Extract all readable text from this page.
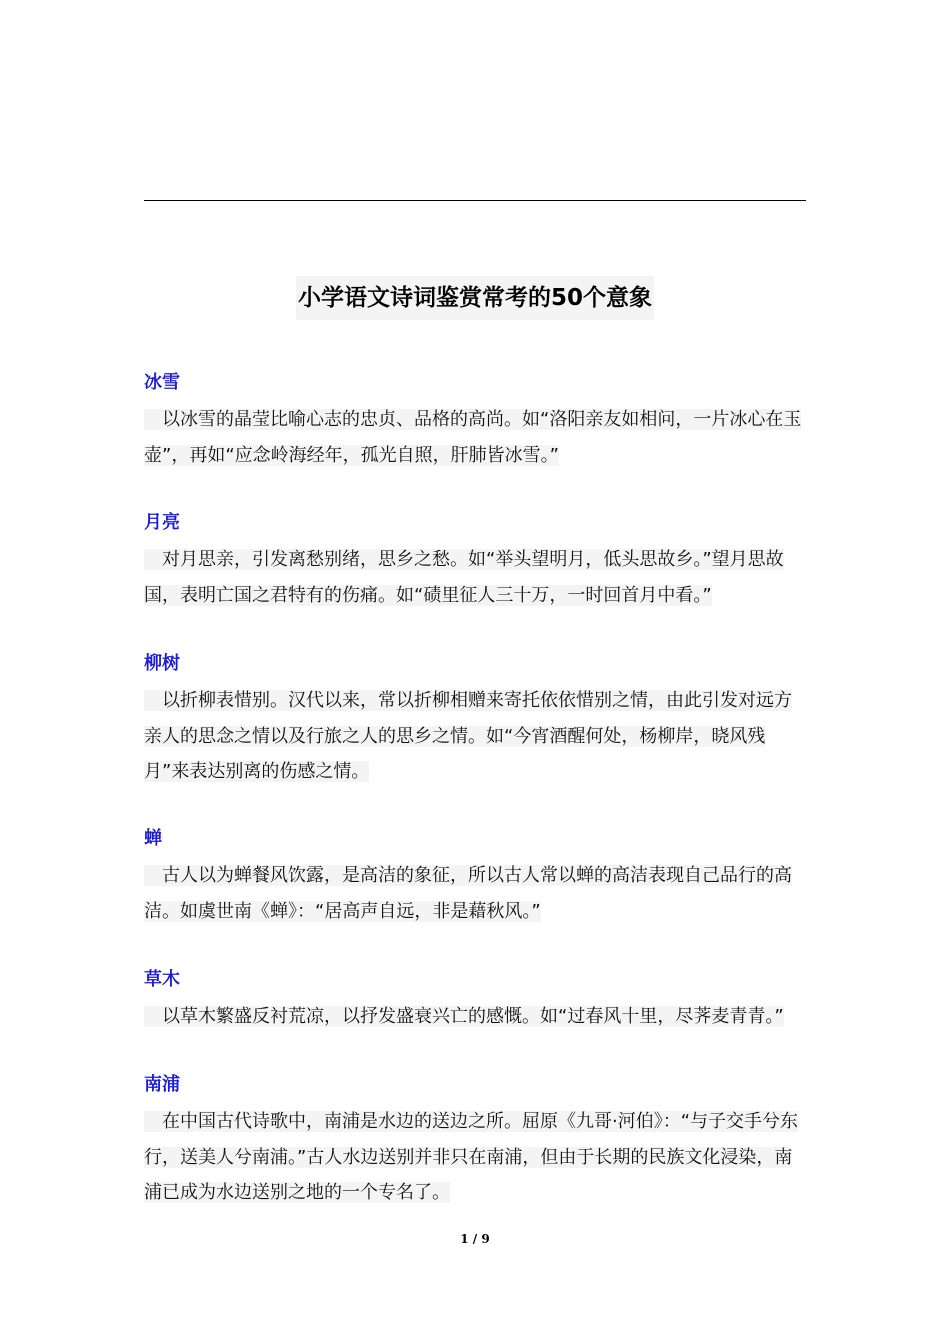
小学语文诗词鉴赏常考的50个意象
冰雪

　以冰雪的晶莹比喻心志的忠贞、品格的高尚。如“洛阳亲友如相问，一片冰心在玉壶”，再如“应念岭海经年，孤光自照，肝肺皆冰雪。”

月亮

　对月思亲，引发离愁别绪，思乡之愁。如“举头望明月，低头思故乡。”望月思故国，表明亡国之君特有的伤痛。如“碛里征人三十万，一时回首月中看。”

柳树

　以折柳表惜别。汉代以来，常以折柳相赠来寄托依依惜别之情，由此引发对远方亲人的思念之情以及行旅之人的思乡之情。如“今宵酒醒何处，杨柳岸，晓风残月”来表达别离的伤感之情。

蝉

　古人以为蝉餐风饮露，是高洁的象征，所以古人常以蝉的高洁表现自己品行的高洁。如虞世南《蝉》：“居高声自远，非是藉秋风。”

草木

　以草木繁盛反衬荒凉，以抒发盛衰兴亡的感慨。如“过春风十里，尽荠麦青青。”

南浦

　在中国古代诗歌中，南浦是水边的送边之所。屈原《九哥·河伯》：“与子交手兮东行，送美人兮南浦。”古人水边送别并非只在南浦，但由于长期的民族文化浸染，南浦已成为水边送别之地的一个专名了。

1 / 9
